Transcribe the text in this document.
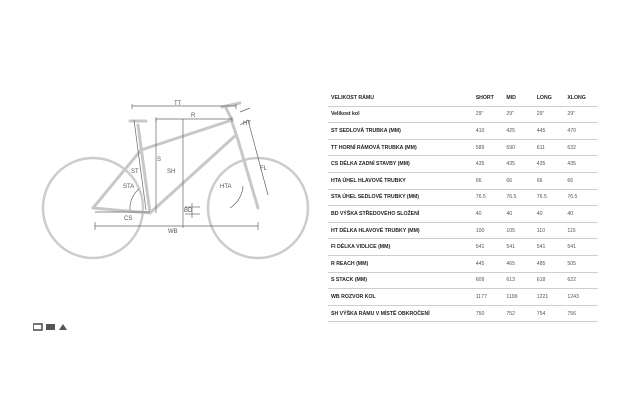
TT
R
HT
ST
S
SH
STA	HTA
FL
CS
BD
WB
VELIKOST RÁMU	SHORT	MID	LONG	XLONG
Velikost kol	29"	29"	29"	29"
ST SEDLOVÁ TRUBKA (MM)	410	425	445	470
TT HORNÍ RÁMOVÁ TRUBKA (MM)	589	590	611	632
CS DÉLKA ZADNÍ STAVBY (MM)	435	435	435	435
HTA ÚHEL HLAVOVÉ TRUBKY	66	66	66	66
STA ÚHEL SEDLOVÉ TRUBKY (MM)	76.5	76.5	76.5	76.5
BD VÝŠKA STŘEDOVÉHO SLOŽENÍ	40	40	40	40
HT DÉLKA HLAVOVÉ TRUBKY (MM)	100	105	110	115
FI DÉLKA VIDLICE (MM)	541	541	541	541
R REACH (MM)	445	465	485	505
S STACK (MM)	609	613	618	622
WB ROZVOR KOL	1177	1199	1221	1243
SH VÝŠKA RÁMU V MÍSTĚ OBKROČENÍ	750	752	754	756
